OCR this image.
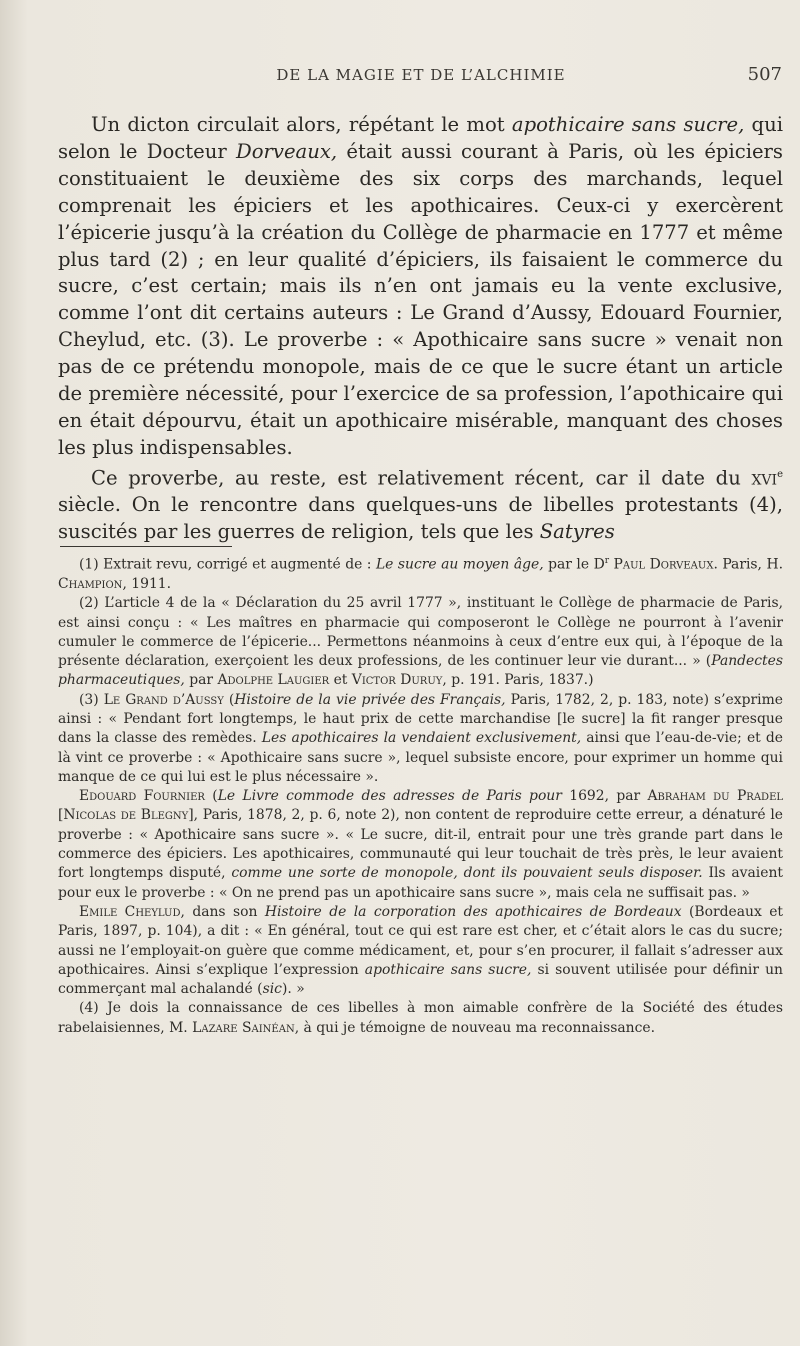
DE LA MAGIE ET DE L’ALCHIMIE	507

Un dicton circulait alors, répétant le mot apothicaire sans sucre, qui selon le Docteur Dorveaux, était aussi courant à Paris, où les épiciers constituaient le deuxième des six corps des marchands, lequel comprenait les épiciers et les apothicaires. Ceux-ci y exercèrent l’épicerie jusqu’à la création du Collège de pharmacie en 1777 et même plus tard (2) ; en leur qualité d’épiciers, ils faisaient le commerce du sucre, c’est certain; mais ils n’en ont jamais eu la vente exclusive, comme l’ont dit certains auteurs : Le Grand d’Aussy, Edouard Fournier, Cheylud, etc. (3). Le proverbe : « Apothicaire sans sucre » venait non pas de ce prétendu monopole, mais de ce que le sucre étant un article de première nécessité, pour l’exercice de sa profession, l’apothicaire qui en était dépourvu, était un apothicaire misérable, manquant des choses les plus indispensables.

Ce proverbe, au reste, est relativement récent, car il date du xvi$^e$ siècle. On le rencontre dans quelques-uns de libelles protestants (4), suscités par les guerres de religion, tels que les Satyres

(1) Extrait revu, corrigé et augmenté de : Le sucre au moyen âge, par le $D^r$ Paul Dorveaux. Paris, H. Champion, 1911.

(2) L’article 4 de la « Déclaration du 25 avril 1777 », instituant le Collège de pharmacie de Paris, est ainsi conçu : « Les maîtres en pharmacie qui composeront le Collège ne pourront à l’avenir cumuler le commerce de l’épicerie... Permettons néanmoins à ceux d’entre eux qui, à l’époque de la présente déclaration, exerçoient les deux professions, de les continuer leur vie durant... » (Pandectes pharmaceutiques, par Adolphe Laugier et Victor Duruy, p. 191. Paris, 1837.)

(3) Le Grand d’Aussy (Histoire de la vie privée des Français, Paris, 1782, 2, p. 183, note) s’exprime ainsi : « Pendant fort longtemps, le haut prix de cette marchandise [le sucre] la fit ranger presque dans la classe des remèdes. Les apothicaires la vendaient exclusivement, ainsi que l’eau-de-vie; et de là vint ce proverbe : « Apothicaire sans sucre », lequel subsiste encore, pour exprimer un homme qui manque de ce qui lui est le plus nécessaire ».

Edouard Fournier (Le Livre commode des adresses de Paris pour 1692, par Abraham du Pradel [Nicolas de Blegny], Paris, 1878, 2, p. 6, note 2), non content de reproduire cette erreur, a dénaturé le proverbe : « Apothicaire sans sucre ». « Le sucre, dit-il, entrait pour une très grande part dans le commerce des épiciers. Les apothicaires, communauté qui leur touchait de très près, le leur avaient fort longtemps disputé, comme une sorte de monopole, dont ils pouvaient seuls disposer. Ils avaient pour eux le proverbe : « On ne prend pas un apothicaire sans sucre », mais cela ne suffisait pas. »

Emile Cheylud, dans son Histoire de la corporation des apothicaires de Bordeaux (Bordeaux et Paris, 1897, p. 104), a dit : « En général, tout ce qui est rare est cher, et c’était alors le cas du sucre; aussi ne l’employait-on guère que comme médicament, et, pour s’en procurer, il fallait s’adresser aux apothicaires. Ainsi s’explique l’expression apothicaire sans sucre, si souvent utilisée pour définir un commerçant mal achalandé (sic). »

(4) Je dois la connaissance de ces libelles à mon aimable confrère de la Société des études rabelaisiennes, M. Lazare Sainéan, à qui je témoigne de nouveau ma reconnaissance.
